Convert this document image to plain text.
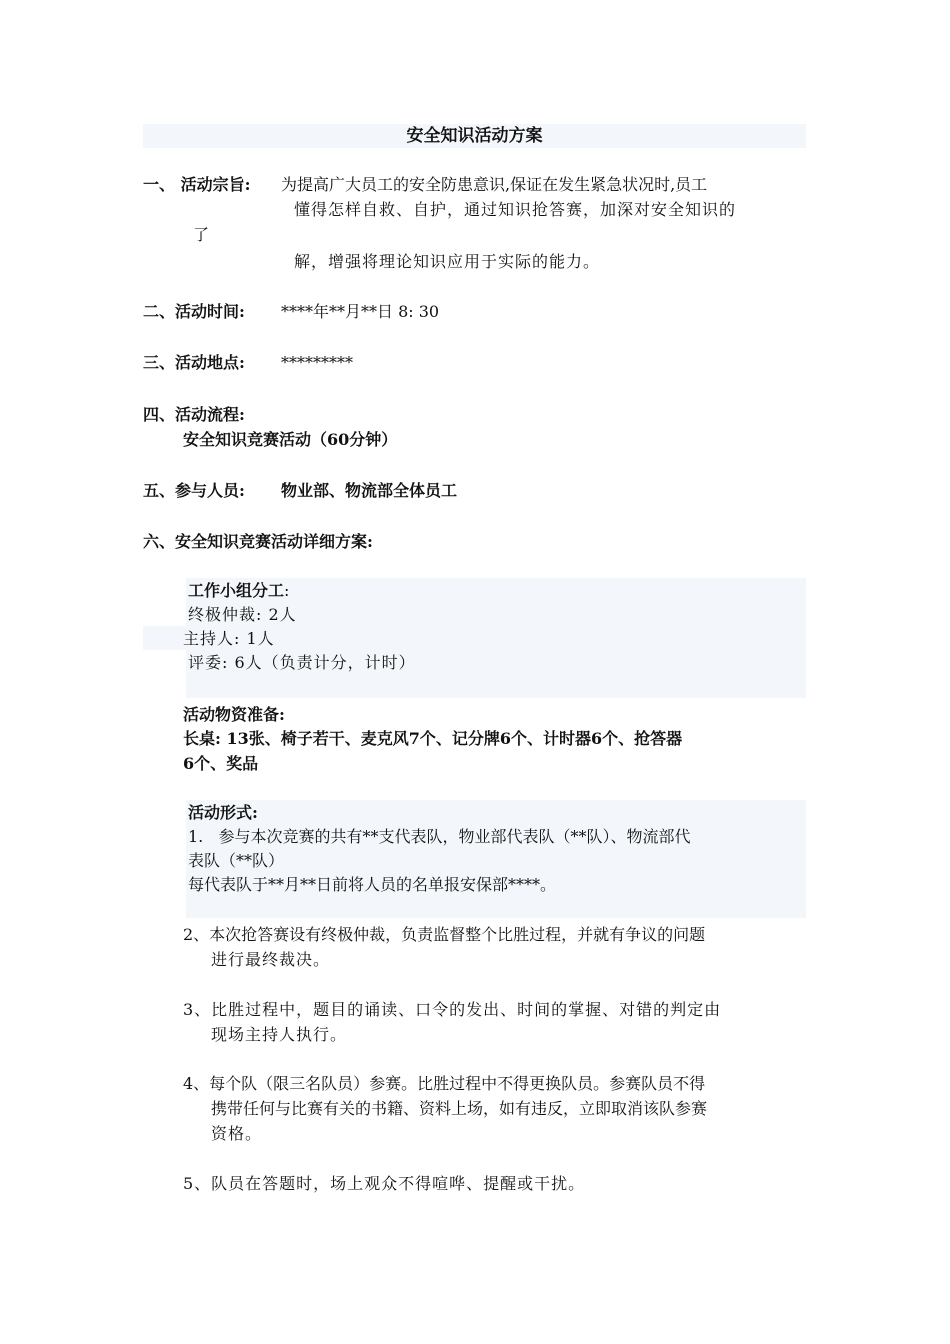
安全知识活动方案
一、 活动宗旨: 为提高广大员工的安全防患意识,保证在发生紧急状况时,员工
懂得怎样自救、自护，通过知识抢答赛，加深对安全知识的
了
解，增强将理论知识应用于实际的能力。
二、活动时间: ****年**月**日 8: 30
三、活动地点: *********
四、活动流程:
安全知识竞赛活动（60分钟）
五、参与人员: 物业部、物流部全体员工
六、安全知识竞赛活动详细方案:
工作小组分工:
终极仲裁: 2人
主持人: 1人
评委: 6人（负责计分，计时）
活动物资准备:
长桌: 13张、椅子若干、麦克风7个、记分牌6个、计时器6个、抢答器
6个、奖品
活动形式:
1.   参与本次竞赛的共有**支代表队，物业部代表队（**队）、物流部代
表队（**队）
每代表队于**月**日前将人员的名单报安保部****。
2、本次抢答赛设有终极仲裁，负责监督整个比胜过程，并就有争议的问题
进行最终裁决。
3、比胜过程中，题目的诵读、口令的发出、时间的掌握、对错的判定由
现场主持人执行。
4、每个队（限三名队员）参赛。比胜过程中不得更换队员。参赛队员不得
携带任何与比赛有关的书籍、资料上场，如有违反，立即取消该队参赛
资格。
5、队员在答题时，场上观众不得喧哗、提醒或干扰。
